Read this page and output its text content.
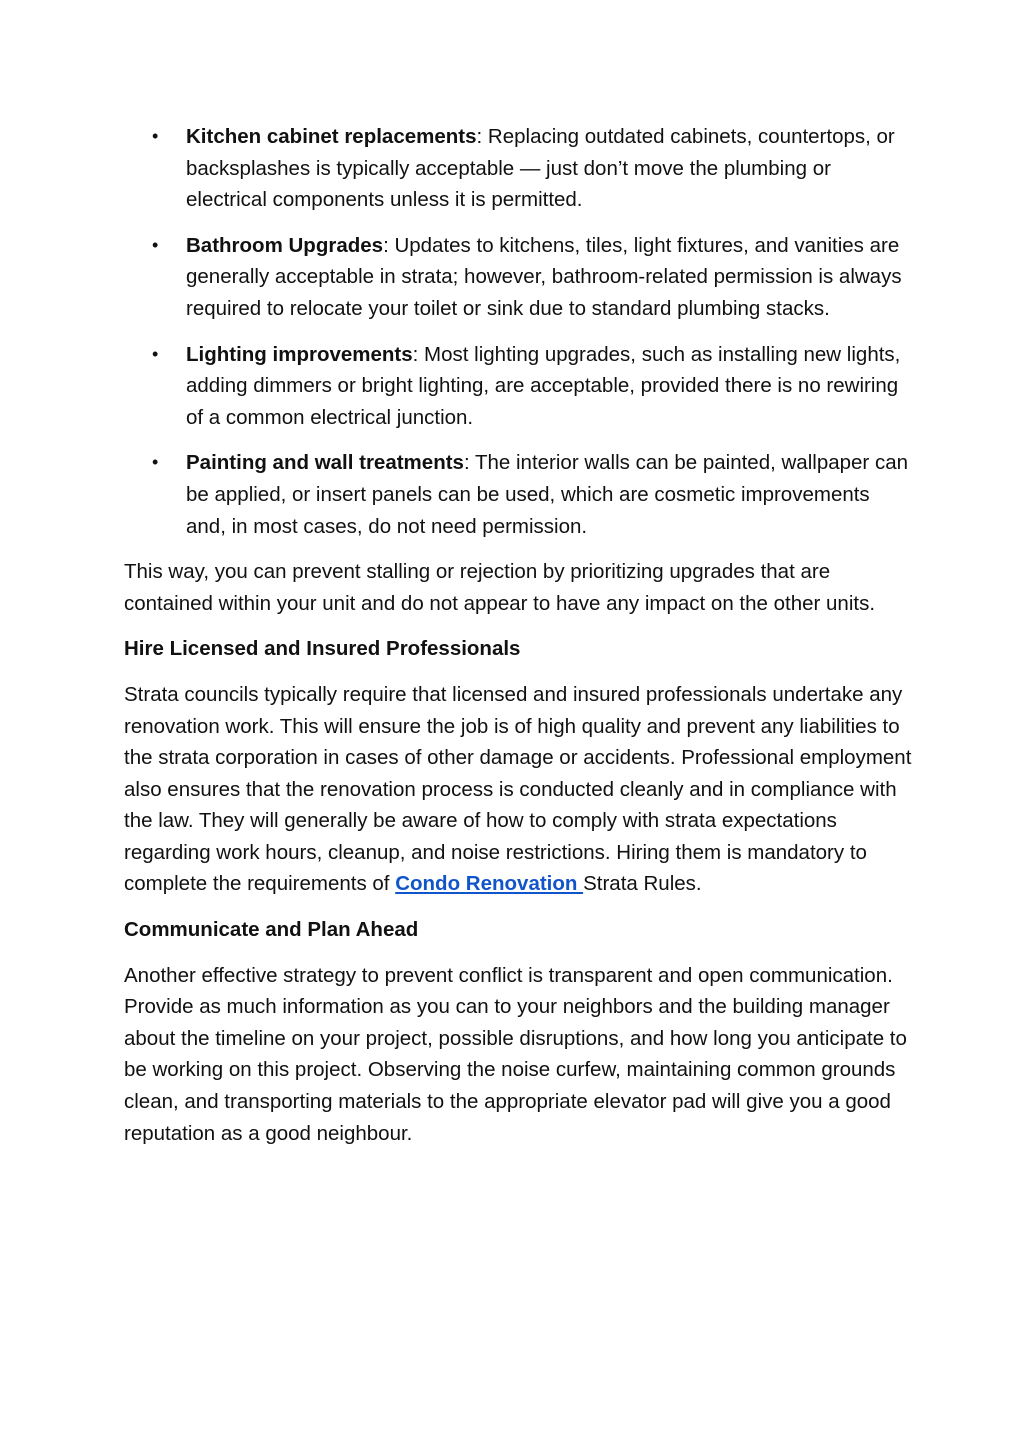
• Kitchen cabinet replacements: Replacing outdated cabinets, countertops, or backsplashes is typically acceptable — just don’t move the plumbing or electrical components unless it is permitted.
• Bathroom Upgrades: Updates to kitchens, tiles, light fixtures, and vanities are generally acceptable in strata; however, bathroom-related permission is always required to relocate your toilet or sink due to standard plumbing stacks.
• Lighting improvements: Most lighting upgrades, such as installing new lights, adding dimmers or bright lighting, are acceptable, provided there is no rewiring of a common electrical junction.
• Painting and wall treatments: The interior walls can be painted, wallpaper can be applied, or insert panels can be used, which are cosmetic improvements and, in most cases, do not need permission.

This way, you can prevent stalling or rejection by prioritizing upgrades that are contained within your unit and do not appear to have any impact on the other units.

Hire Licensed and Insured Professionals

Strata councils typically require that licensed and insured professionals undertake any renovation work. This will ensure the job is of high quality and prevent any liabilities to the strata corporation in cases of other damage or accidents. Professional employment also ensures that the renovation process is conducted cleanly and in compliance with the law. They will generally be aware of how to comply with strata expectations regarding work hours, cleanup, and noise restrictions. Hiring them is mandatory to complete the requirements of Condo Renovation Strata Rules.

Communicate and Plan Ahead

Another effective strategy to prevent conflict is transparent and open communication. Provide as much information as you can to your neighbors and the building manager about the timeline on your project, possible disruptions, and how long you anticipate to be working on this project. Observing the noise curfew, maintaining common grounds clean, and transporting materials to the appropriate elevator pad will give you a good reputation as a good neighbour.
